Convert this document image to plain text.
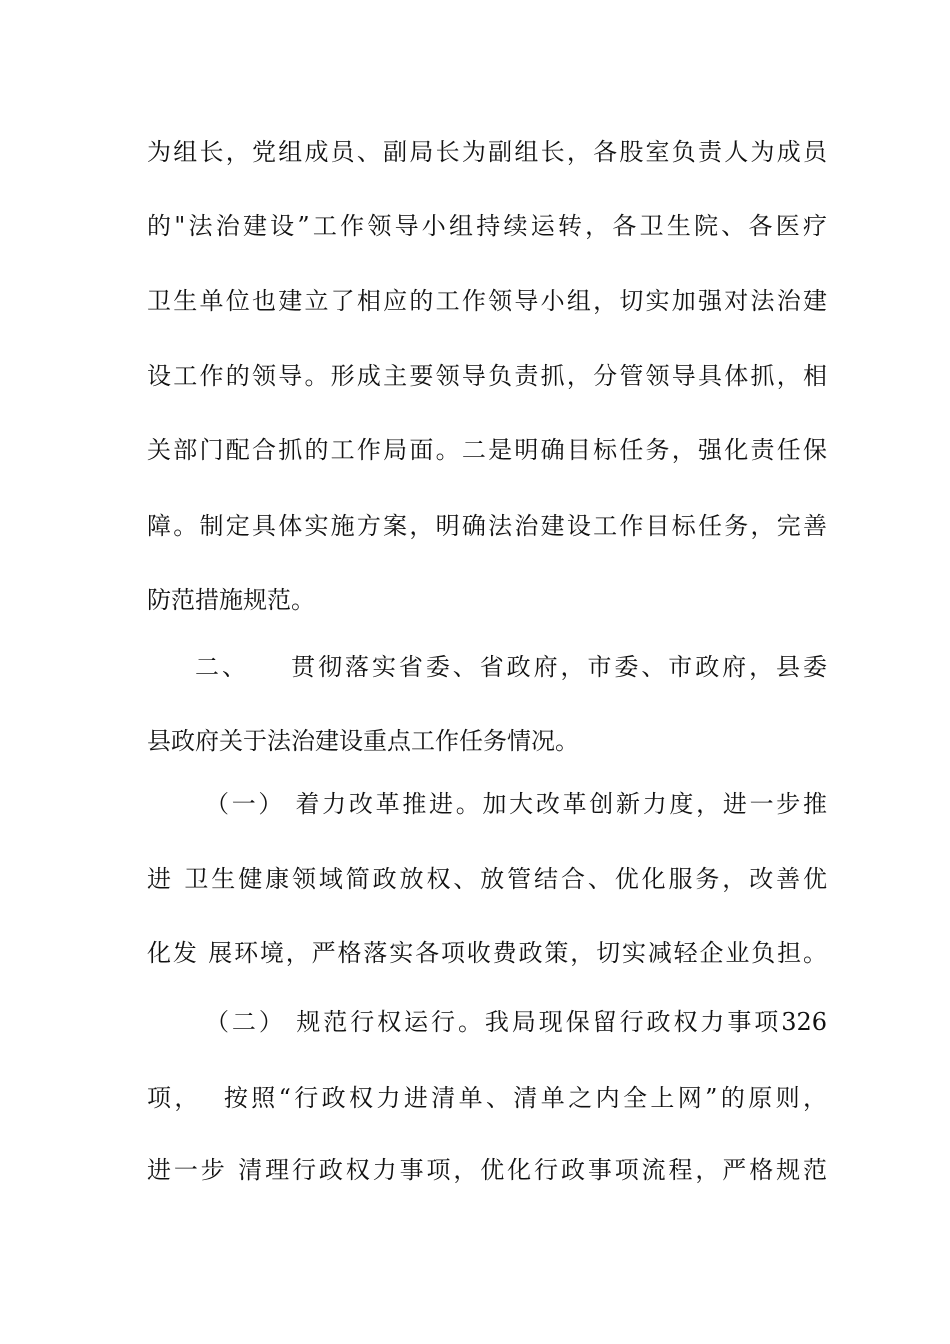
为组长，党组成员、副局长为副组长，各股室负责人为成员
的"法治建设”工作领导小组持续运转，各卫生院、各医疗
卫生单位也建立了相应的工作领导小组，切实加强对法治建
设工作的领导。形成主要领导负责抓，分管领导具体抓，相
关部门配合抓的工作局面。二是明确目标任务，强化责任保
障。制定具体实施方案，明确法治建设工作目标任务，完善
防范措施规范。
二、    贯彻落实省委、省政府，市委、市政府，县委
县政府关于法治建设重点工作任务情况。
（一） 着力改革推进。加大改革创新力度，进一步推
进 卫生健康领域简政放权、放管结合、优化服务，改善优
化发 展环境，严格落实各项收费政策，切实减轻企业负担。
（二） 规范行权运行。我局现保留行政权力事项326
项，  按照“行政权力进清单、清单之内全上网”的原则，
进一步 清理行政权力事项，优化行政事项流程，严格规范
